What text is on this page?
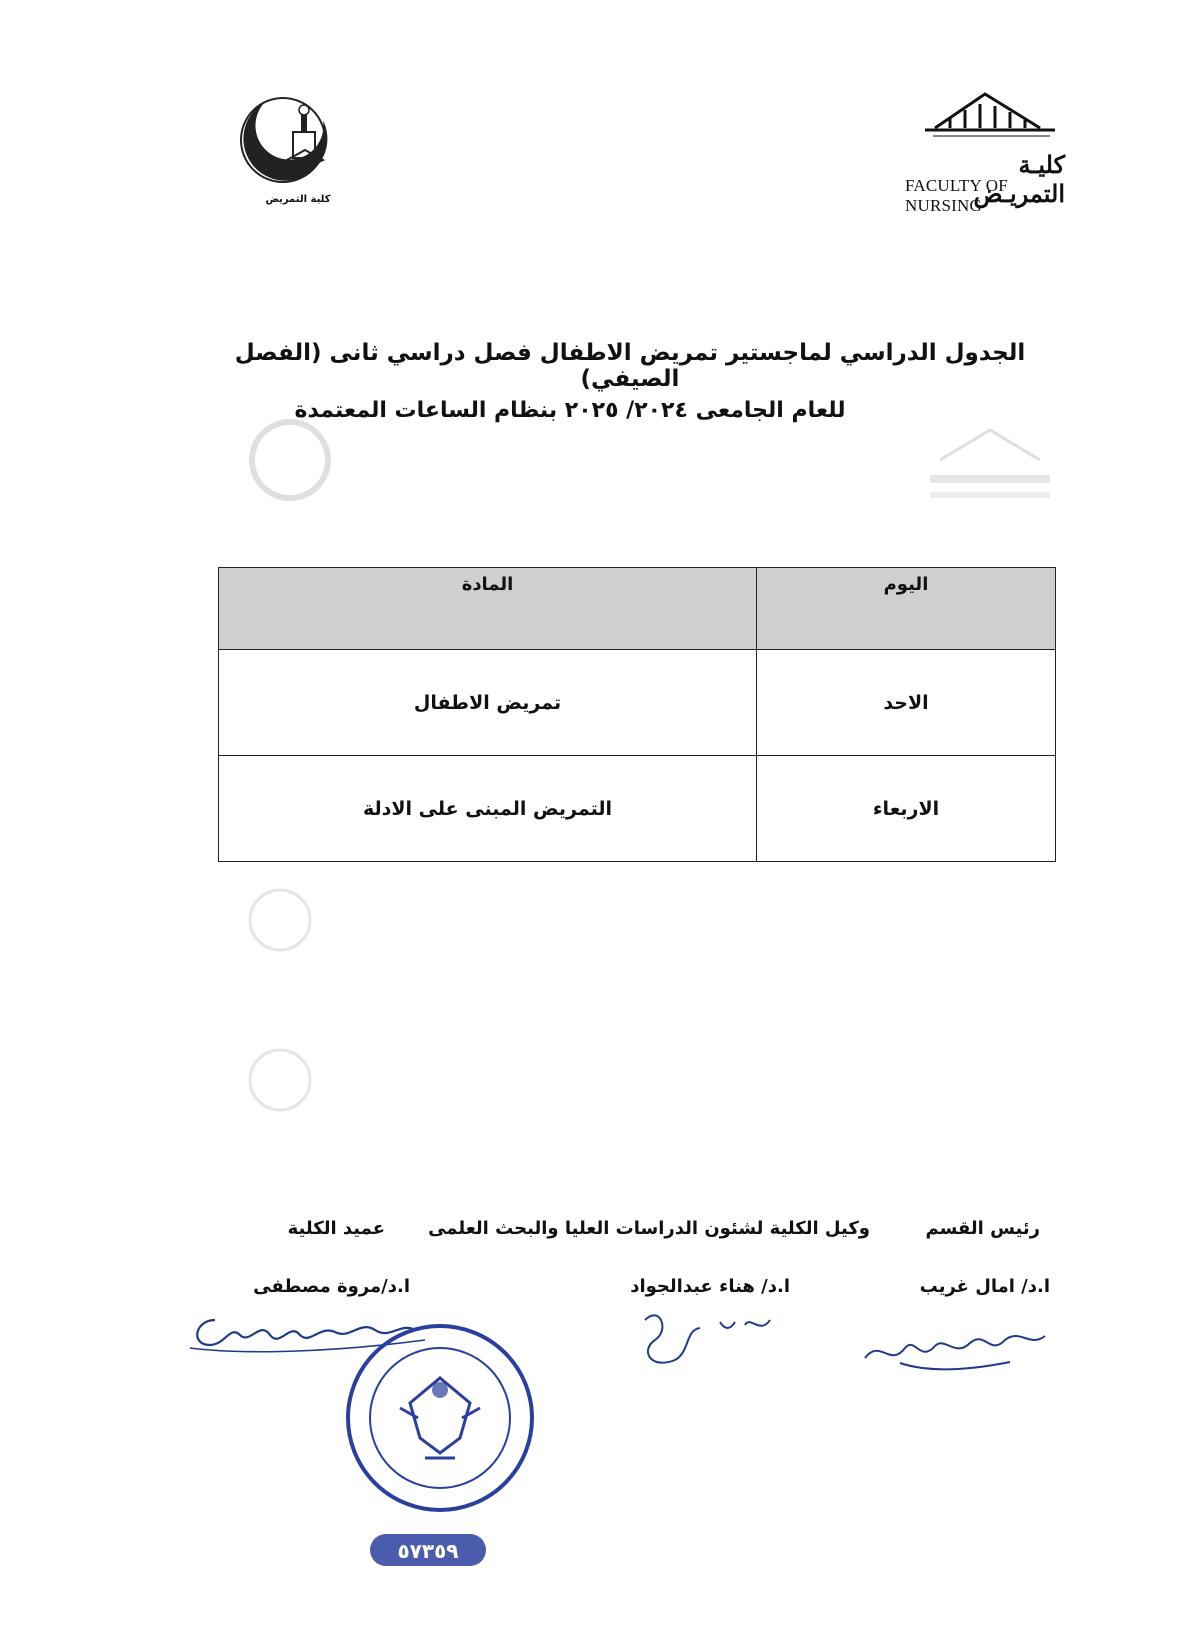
كلية التمريض
كليـة التمريـض
FACULTY OF NURSING
الجدول الدراسي لماجستير تمريض الاطفال فصل دراسي ثانى (الفصل الصيفي)
للعام الجامعى ٢٠٢٤/ ٢٠٢٥ بنظام الساعات المعتمدة
اليوم	المادة
الاحد	تمريض الاطفال
الاربعاء	التمريض المبنى على الادلة
رئيس القسم
وكيل الكلية لشئون الدراسات العليا والبحث العلمى
عميد الكلية
ا.د/ امال غريب
ا.د/ هناء عبدالجواد
ا.د/مروة مصطفى
٥٧٣٥٩
